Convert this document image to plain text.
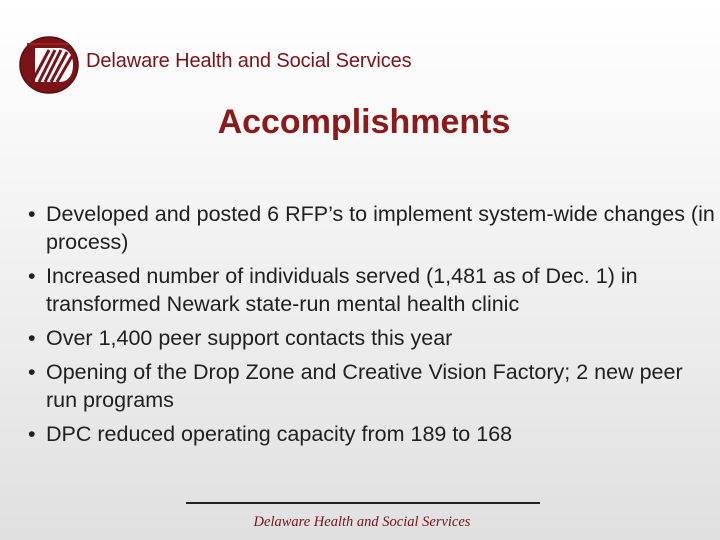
Delaware Health and Social Services
Accomplishments
• Developed and posted 6 RFP’s to implement system-wide changes (in process)
• Increased number of individuals served (1,481 as of Dec. 1) in transformed Newark state-run mental health clinic
• Over 1,400 peer support contacts this year
• Opening of the Drop Zone and Creative Vision Factory; 2 new peer run programs
• DPC reduced operating capacity from 189 to 168
Delaware Health and Social Services
